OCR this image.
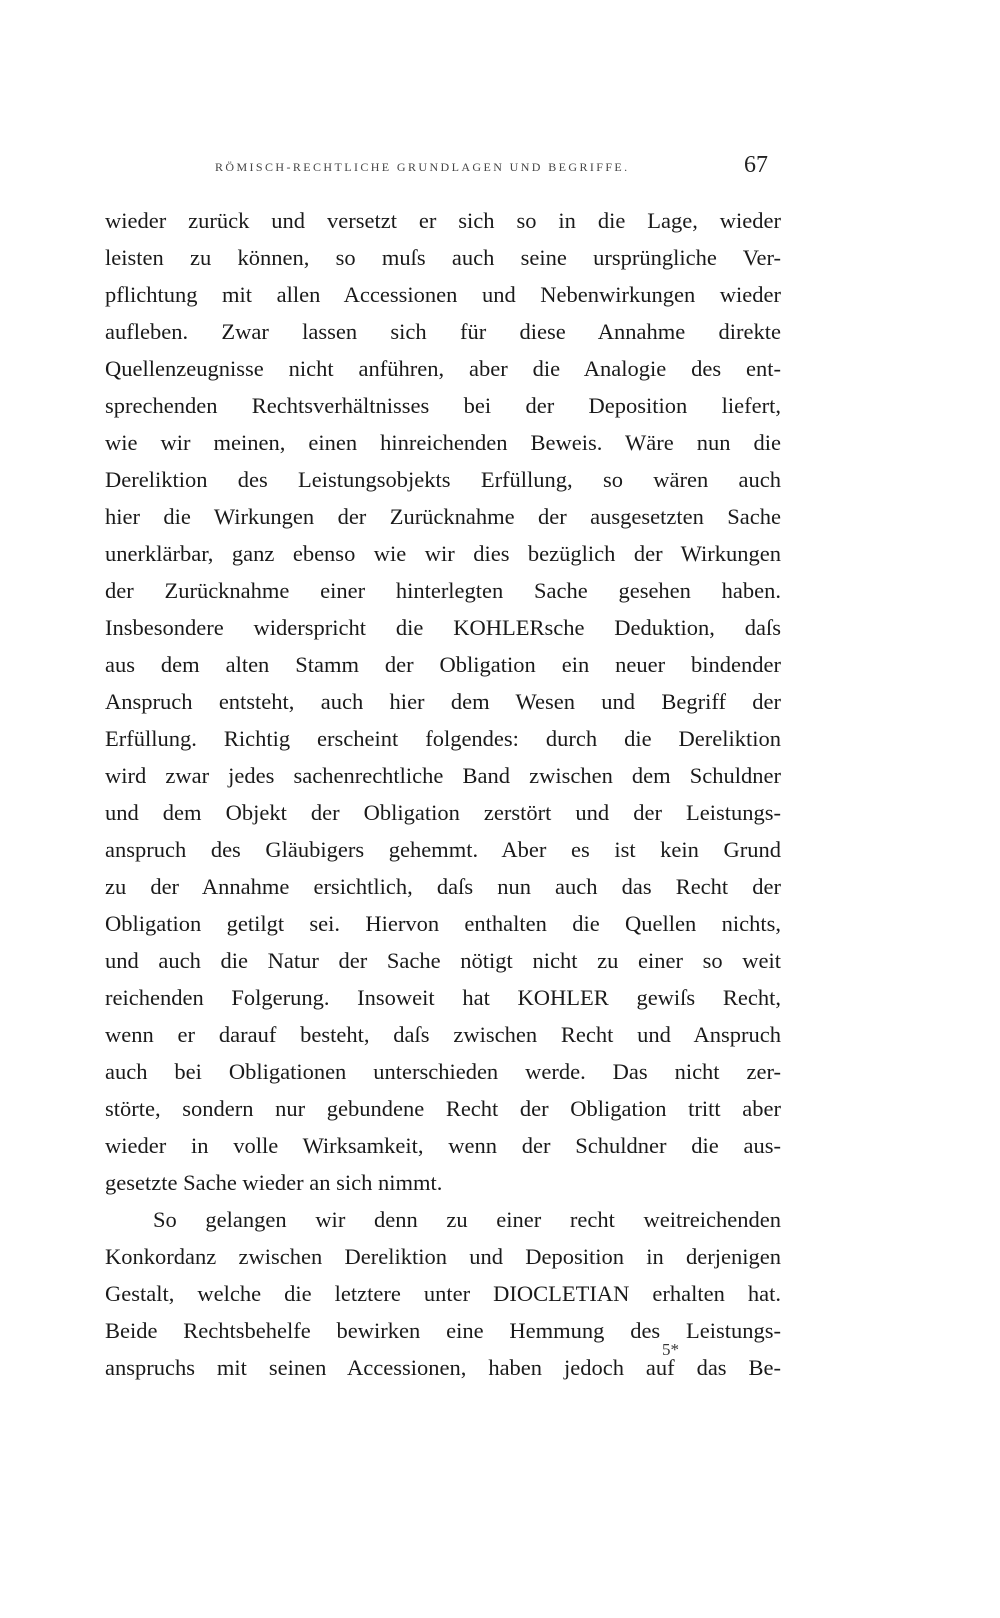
RÖMISCH-RECHTLICHE GRUNDLAGEN UND BEGRIFFE.	67
wieder zurück und versetzt er sich so in die Lage, wieder
leisten zu können, so muſs auch seine ursprüngliche Ver-
pflichtung mit allen Accessionen und Nebenwirkungen wieder
aufleben. Zwar lassen sich für diese Annahme direkte
Quellenzeugnisse nicht anführen, aber die Analogie des ent-
sprechenden Rechtsverhältnisses bei der Deposition liefert,
wie wir meinen, einen hinreichenden Beweis. Wäre nun die
Dereliktion des Leistungsobjekts Erfüllung, so wären auch
hier die Wirkungen der Zurücknahme der ausgesetzten Sache
unerklärbar, ganz ebenso wie wir dies bezüglich der Wirkungen
der Zurücknahme einer hinterlegten Sache gesehen haben.
Insbesondere widerspricht die KOHLERsche Deduktion, daſs
aus dem alten Stamm der Obligation ein neuer bindender
Anspruch entsteht, auch hier dem Wesen und Begriff der
Erfüllung. Richtig erscheint folgendes: durch die Dereliktion
wird zwar jedes sachenrechtliche Band zwischen dem Schuldner
und dem Objekt der Obligation zerstört und der Leistungs-
anspruch des Gläubigers gehemmt. Aber es ist kein Grund
zu der Annahme ersichtlich, daſs nun auch das Recht der
Obligation getilgt sei. Hiervon enthalten die Quellen nichts,
und auch die Natur der Sache nötigt nicht zu einer so weit
reichenden Folgerung. Insoweit hat KOHLER gewiſs Recht,
wenn er darauf besteht, daſs zwischen Recht und Anspruch
auch bei Obligationen unterschieden werde. Das nicht zer-
störte, sondern nur gebundene Recht der Obligation tritt aber
wieder in volle Wirksamkeit, wenn der Schuldner die aus-
gesetzte Sache wieder an sich nimmt.
So gelangen wir denn zu einer recht weitreichenden
Konkordanz zwischen Dereliktion und Deposition in derjenigen
Gestalt, welche die letztere unter DIOCLETIAN erhalten hat.
Beide Rechtsbehelfe bewirken eine Hemmung des Leistungs-
anspruchs mit seinen Accessionen, haben jedoch auf das Be-
5*
